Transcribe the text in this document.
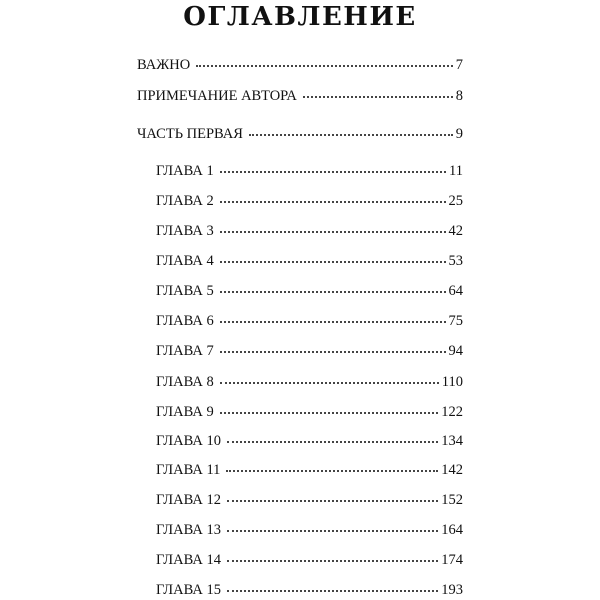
ОГЛАВЛЕНИЕ
ВАЖНО	7
ПРИМЕЧАНИЕ АВТОРА	8
ЧАСТЬ ПЕРВАЯ	9
ГЛАВА 1	11
ГЛАВА 2	25
ГЛАВА 3	42
ГЛАВА 4	53
ГЛАВА 5	64
ГЛАВА 6	75
ГЛАВА 7	94
ГЛАВА 8	110
ГЛАВА 9	122
ГЛАВА 10	134
ГЛАВА 11	142
ГЛАВА 12	152
ГЛАВА 13	164
ГЛАВА 14	174
ГЛАВА 15	193
